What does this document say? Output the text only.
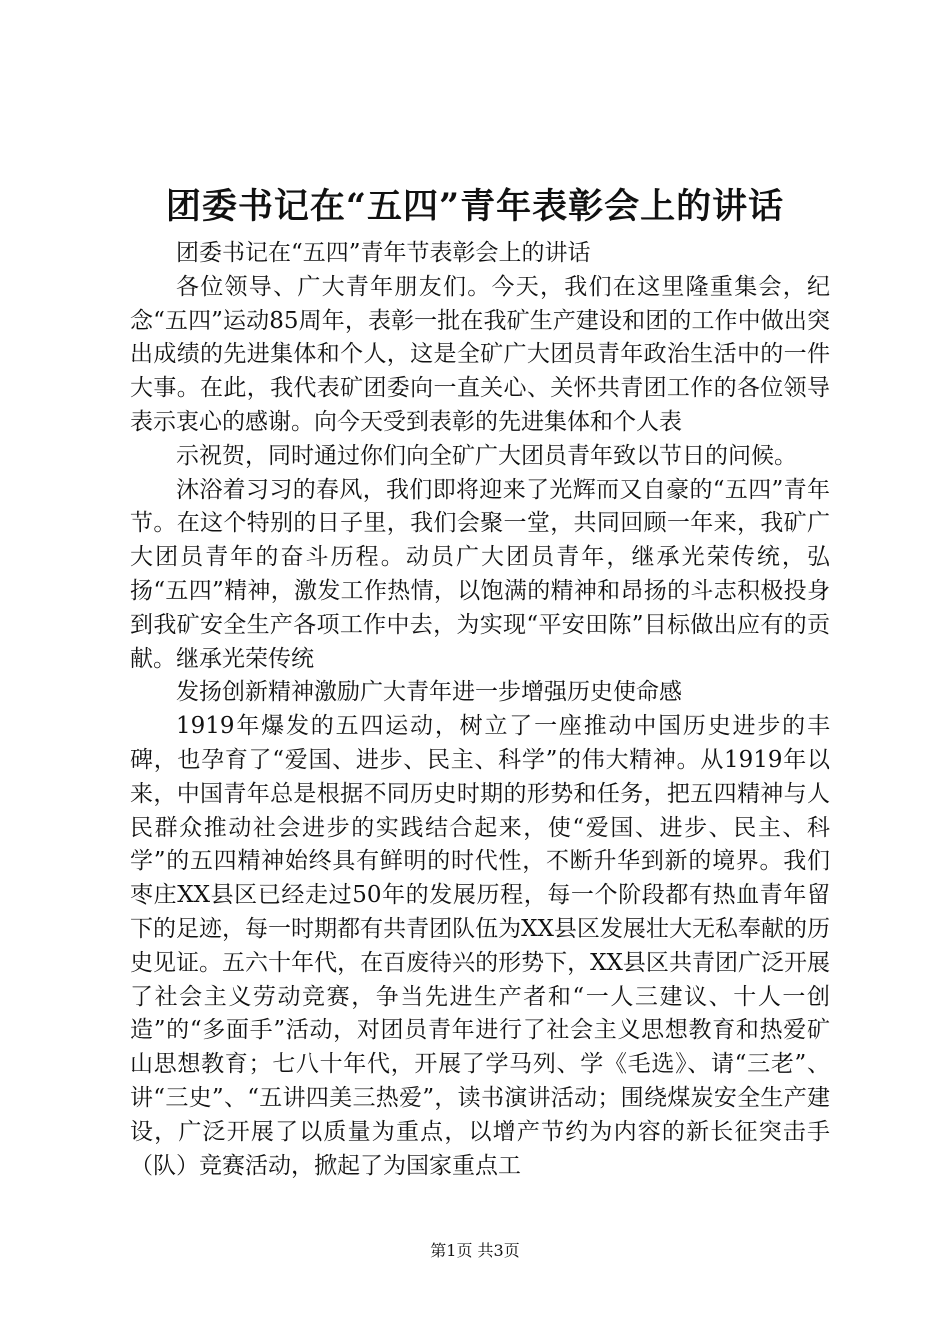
团委书记在“五四”青年表彰会上的讲话

团委书记在“五四”青年节表彰会上的讲话

各位领导、广大青年朋友们。今天，我们在这里隆重集会，纪念“五四”运动85周年，表彰一批在我矿生产建设和团的工作中做出突出成绩的先进集体和个人，这是全矿广大团员青年政治生活中的一件大事。在此，我代表矿团委向一直关心、关怀共青团工作的各位领导表示衷心的感谢。向今天受到表彰的先进集体和个人表

示祝贺，同时通过你们向全矿广大团员青年致以节日的问候。

沐浴着习习的春风，我们即将迎来了光辉而又自豪的“五四”青年节。在这个特别的日子里，我们会聚一堂，共同回顾一年来，我矿广大团员青年的奋斗历程。动员广大团员青年，继承光荣传统，弘扬“五四”精神，激发工作热情，以饱满的精神和昂扬的斗志积极投身到我矿安全生产各项工作中去，为实现“平安田陈”目标做出应有的贡献。继承光荣传统

发扬创新精神激励广大青年进一步增强历史使命感

1919年爆发的五四运动，树立了一座推动中国历史进步的丰碑，也孕育了“爱国、进步、民主、科学”的伟大精神。从1919年以来，中国青年总是根据不同历史时期的形势和任务，把五四精神与人民群众推动社会进步的实践结合起来，使“爱国、进步、民主、科学”的五四精神始终具有鲜明的时代性，不断升华到新的境界。我们枣庄XX县区已经走过50年的发展历程，每一个阶段都有热血青年留下的足迹，每一时期都有共青团队伍为XX县区发展壮大无私奉献的历史见证。五六十年代，在百废待兴的形势下，XX县区共青团广泛开展了社会主义劳动竞赛，争当先进生产者和“一人三建议、十人一创造”的“多面手”活动，对团员青年进行了社会主义思想教育和热爱矿山思想教育；七八十年代，开展了学马列、学《毛选》、请“三老”、讲“三史”、“五讲四美三热爱”，读书演讲活动；围绕煤炭安全生产建设，广泛开展了以质量为重点，以增产节约为内容的新长征突击手（队）竞赛活动，掀起了为国家重点工

第1页 共3页
